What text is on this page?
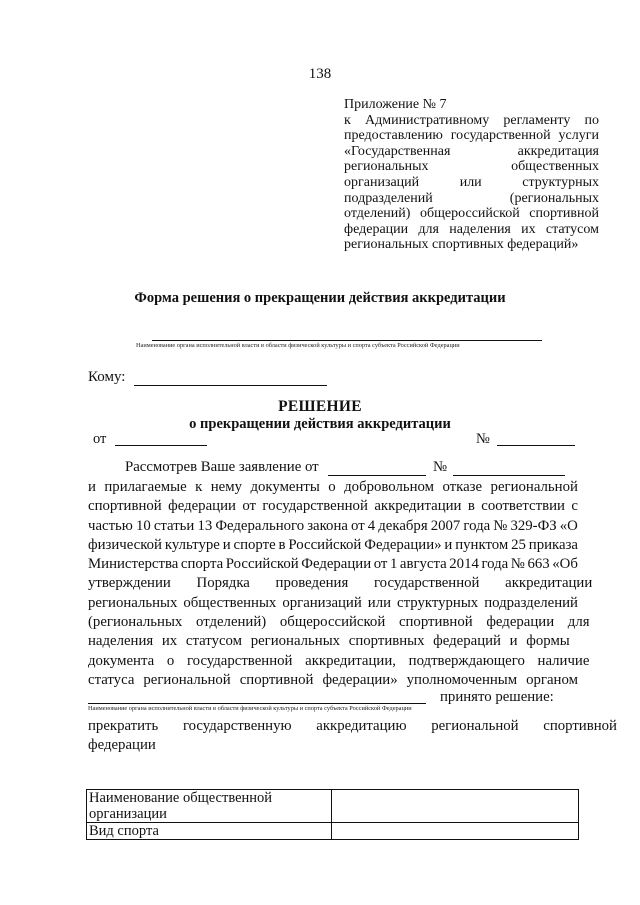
138
Приложение № 7
к Административному регламенту по
предоставлению государственной услуги
«Государственная аккредитация
региональных общественных
организаций или структурных
подразделений (региональных
отделений) общероссийской спортивной
федерации для наделения их статусом
региональных спортивных федераций»
Форма решения о прекращении действия аккредитации
Наименование органа исполнительной власти в области физической культуры и спорта субъекта Российской Федерации
Кому:
РЕШЕНИЕ
о прекращении действия аккредитации
от	№
Рассмотрев Ваше заявление от	№
и прилагаемые к нему документы о добровольном отказе региональной
спортивной федерации от государственной аккредитации в соответствии с
частью 10 статьи 13 Федерального закона от 4 декабря 2007 года № 329-ФЗ «О
физической культуре и спорте в Российской Федерации» и пунктом 25 приказа
Министерства спорта Российской Федерации от 1 августа 2014 года № 663 «Об
утверждении Порядка проведения государственной аккредитации
региональных общественных организаций или структурных подразделений
(региональных отделений) общероссийской спортивной федерации для
наделения их статусом региональных спортивных федераций и формы
документа о государственной аккредитации, подтверждающего наличие
статуса региональной спортивной федерации» уполномоченным органом
принято решение:
Наименование органа исполнительной власти в области физической культуры и спорта субъекта Российской Федерации
прекратить государственную аккредитацию региональной спортивной
федерации
Наименование общественной организации	
Вид спорта	
